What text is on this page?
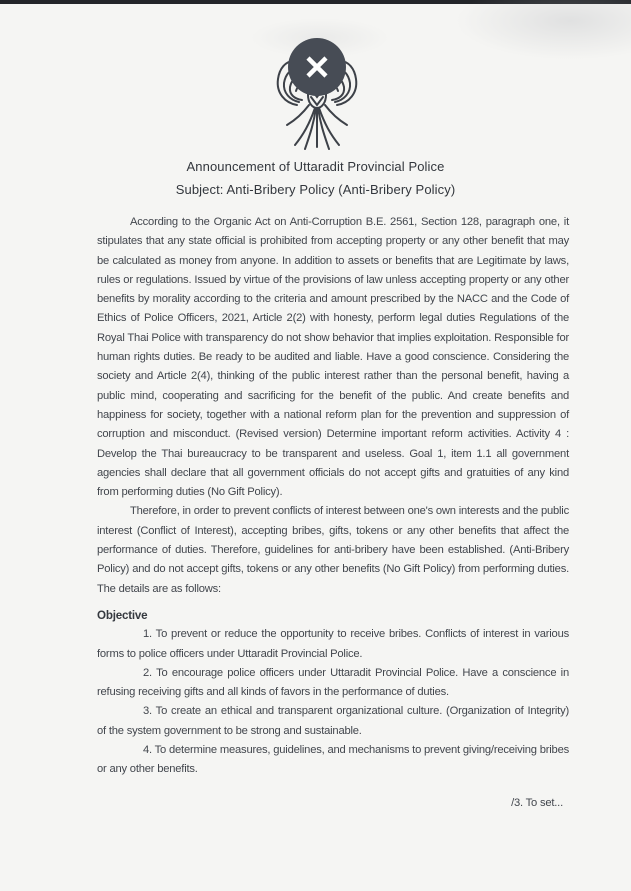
Announcement of Uttaradit Provincial Police
Subject: Anti-Bribery Policy (Anti-Bribery Policy)

According to the Organic Act on Anti-Corruption B.E. 2561, Section 128, paragraph one, it stipulates that any state official is prohibited from accepting property or any other benefit that may be calculated as money from anyone. In addition to assets or benefits that are Legitimate by laws, rules or regulations. Issued by virtue of the provisions of law unless accepting property or any other benefits by morality according to the criteria and amount prescribed by the NACC and the Code of Ethics of Police Officers, 2021, Article 2(2) with honesty, perform legal duties Regulations of the Royal Thai Police with transparency do not show behavior that implies exploitation. Responsible for human rights duties. Be ready to be audited and liable. Have a good conscience. Considering the society and Article 2(4), thinking of the public interest rather than the personal benefit, having a public mind, cooperating and sacrificing for the benefit of the public. And create benefits and happiness for society, together with a national reform plan for the prevention and suppression of corruption and misconduct. (Revised version) Determine important reform activities. Activity 4 : Develop the Thai bureaucracy to be transparent and useless. Goal 1, item 1.1 all government agencies shall declare that all government officials do not accept gifts and gratuities of any kind from performing duties (No Gift Policy).

Therefore, in order to prevent conflicts of interest between one's own interests and the public interest (Conflict of Interest), accepting bribes, gifts, tokens or any other benefits that affect the performance of duties. Therefore, guidelines for anti-bribery have been established. (Anti-Bribery Policy) and do not accept gifts, tokens or any other benefits (No Gift Policy) from performing duties. The details are as follows:

Objective

1. To prevent or reduce the opportunity to receive bribes. Conflicts of interest in various forms to police officers under Uttaradit Provincial Police.

2. To encourage police officers under Uttaradit Provincial Police. Have a conscience in refusing receiving gifts and all kinds of favors in the performance of duties.

3. To create an ethical and transparent organizational culture. (Organization of Integrity) of the system government to be strong and sustainable.

4. To determine measures, guidelines, and mechanisms to prevent giving/receiving bribes or any other benefits.

/3. To set...
